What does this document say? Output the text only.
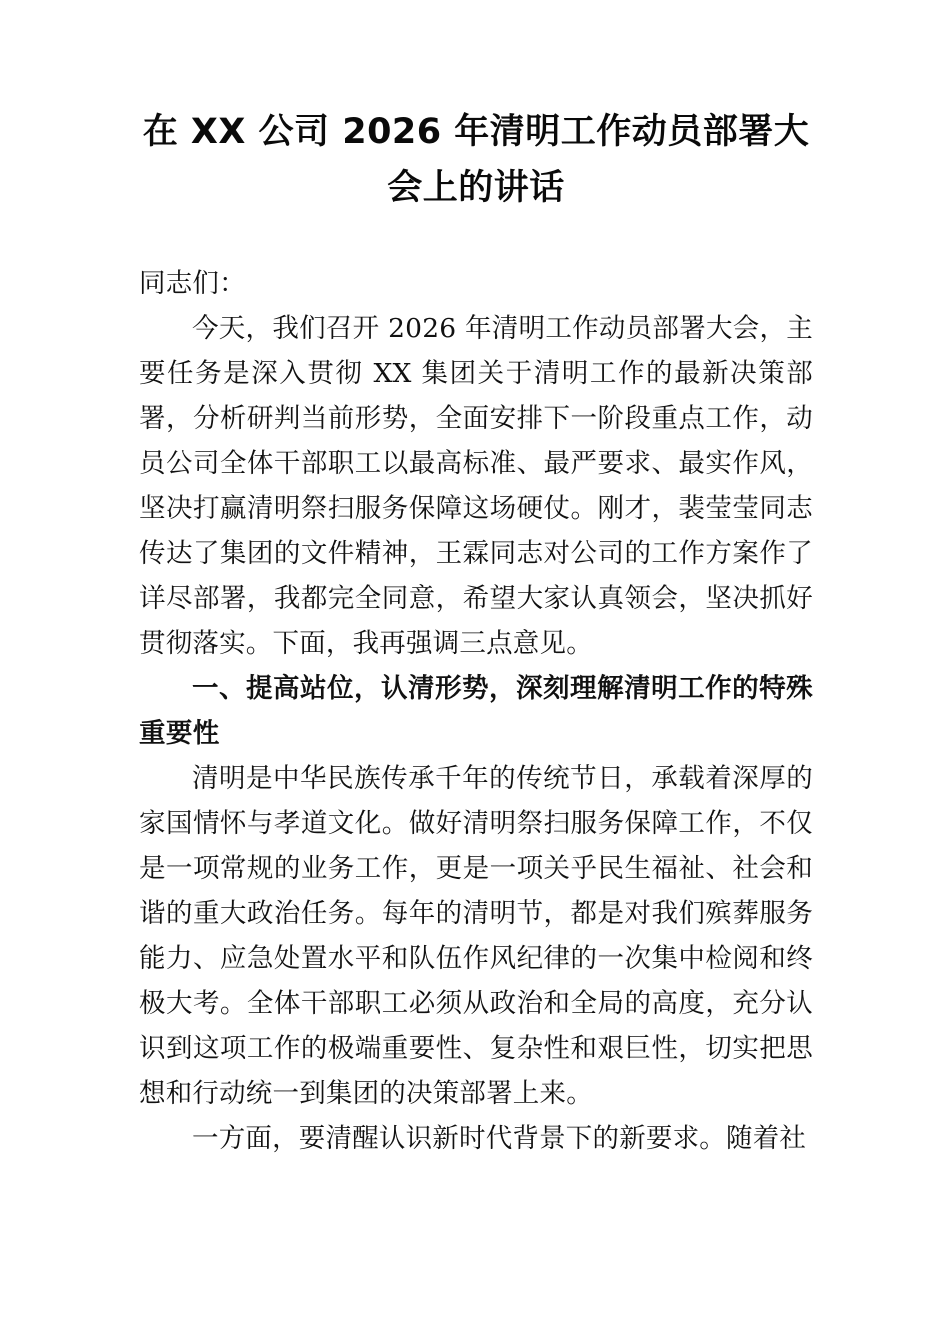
在 XX 公司 2026 年清明工作动员部署大会上的讲话

同志们：

今天，我们召开 2026 年清明工作动员部署大会，主要任务是深入贯彻 XX 集团关于清明工作的最新决策部署，分析研判当前形势，全面安排下一阶段重点工作，动员公司全体干部职工以最高标准、最严要求、最实作风，坚决打赢清明祭扫服务保障这场硬仗。刚才，裴莹莹同志传达了集团的文件精神，王霖同志对公司的工作方案作了详尽部署，我都完全同意，希望大家认真领会，坚决抓好贯彻落实。下面，我再强调三点意见。

一、提高站位，认清形势，深刻理解清明工作的特殊重要性

清明是中华民族传承千年的传统节日，承载着深厚的家国情怀与孝道文化。做好清明祭扫服务保障工作，不仅是一项常规的业务工作，更是一项关乎民生福祉、社会和谐的重大政治任务。每年的清明节，都是对我们殡葬服务能力、应急处置水平和队伍作风纪律的一次集中检阅和终极大考。全体干部职工必须从政治和全局的高度，充分认识到这项工作的极端重要性、复杂性和艰巨性，切实把思想和行动统一到集团的决策部署上来。

一方面，要清醒认识新时代背景下的新要求。随着社
